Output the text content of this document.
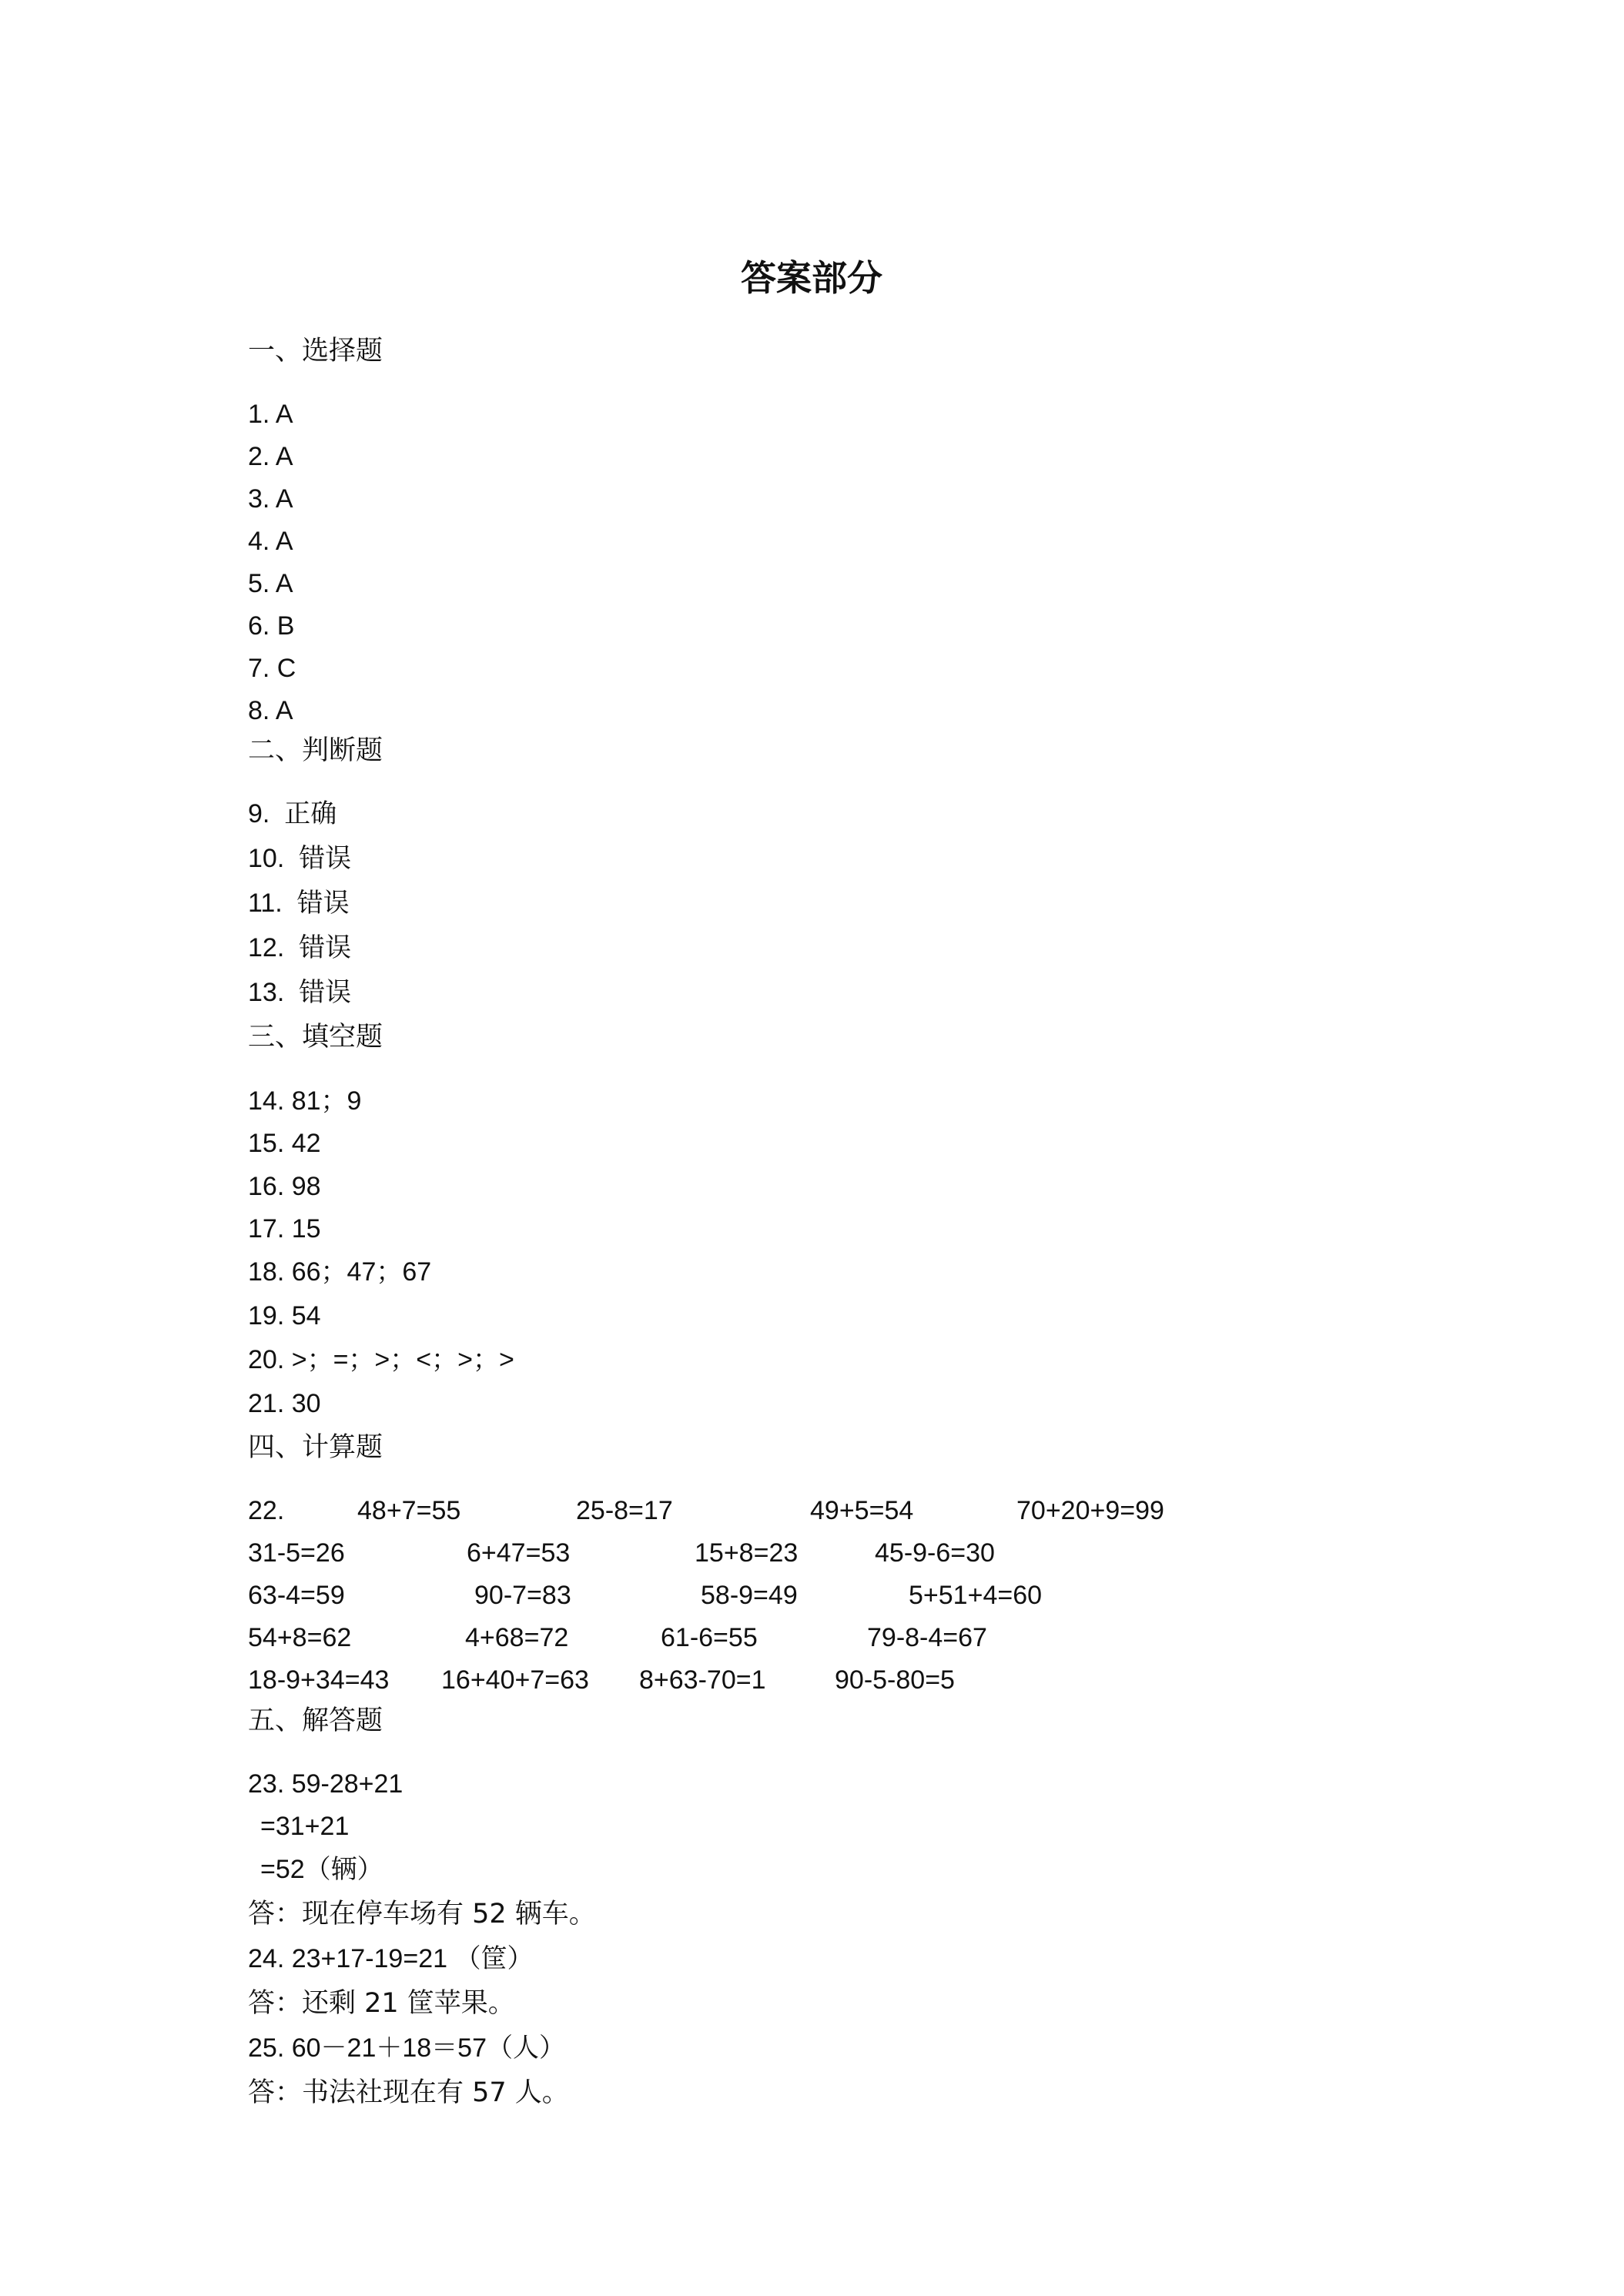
答案部分
一、选择题
1. A
2. A
3. A
4. A
5. A
6. B
7. C
8. A
二、判断题
9.  正确
10.  错误
11.  错误
12.  错误
13.  错误
三、填空题
14. 81；9
15. 42
16. 98
17. 15
18. 66；47；67
19. 54
20. >；=；>；<；>；>
21. 30
四、计算题
22.	48+7=55	25-8=17	49+5=54	70+20+9=99
31-5=26	6+47=53	15+8=23	45-9-6=30
63-4=59	90-7=83	58-9=49	5+51+4=60
54+8=62	4+68=72	61-6=55	79-8-4=67
18-9+34=43 16+40+7=63 8+63-70=1	90-5-80=5
五、解答题
23. 59-28+21
=31+21
=52（辆）
答：现在停车场有 52 辆车。
24. 23+17-19=21 （筐）
答：还剩 21 筐苹果。
25. 60－21＋18＝57（人）
答：书法社现在有 57 人。
